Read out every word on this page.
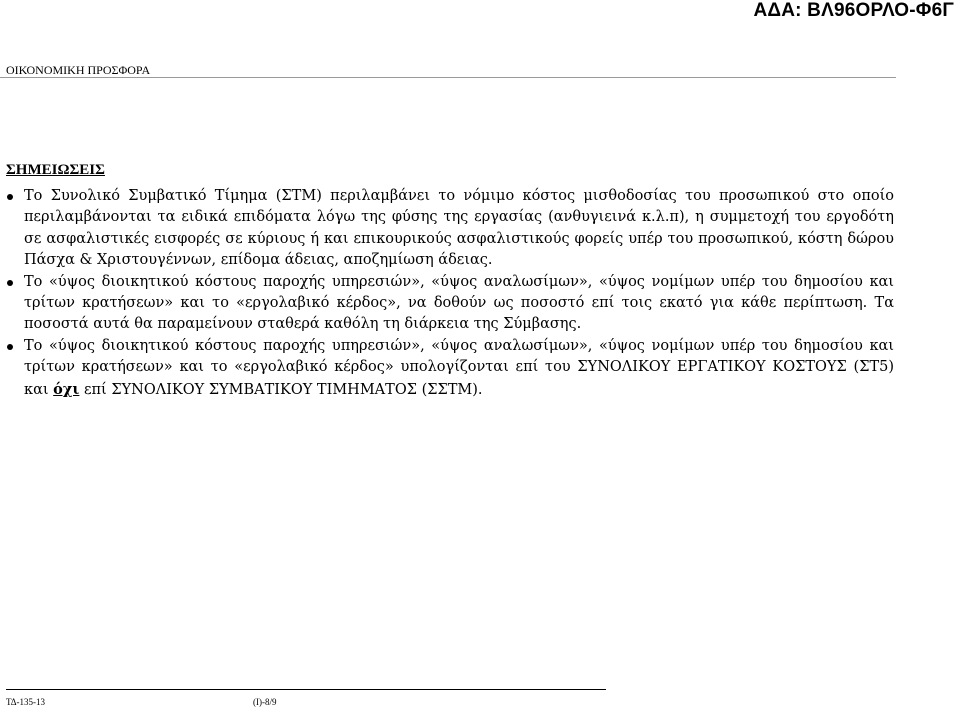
ΑΔΑ: ΒΛ96ΟΡΛΟ-Φ6Γ
ΟΙΚΟΝΟΜΙΚΗ ΠΡΟΣΦΟΡΑ
ΣΗΜΕΙΩΣΕΙΣ
Το Συνολικό Συμβατικό Τίμημα (ΣΤΜ) περιλαμβάνει το νόμιμο κόστος μισθοδοσίας του προσωπικού στο οποίο περιλαμβάνονται τα ειδικά επιδόματα λόγω της φύσης της εργασίας (ανθυγιεινά κ.λ.π), η συμμετοχή του εργοδότη σε ασφαλιστικές εισφορές σε κύριους ή και επικουρικούς ασφαλιστικούς φορείς υπέρ του προσωπικού, κόστη δώρου Πάσχα & Χριστουγέννων, επίδομα άδειας, αποζημίωση άδειας.
Το «ύψος διοικητικού κόστους παροχής υπηρεσιών», «ύψος αναλωσίμων», «ύψος νομίμων υπέρ του δημοσίου και τρίτων κρατήσεων» και το «εργολαβικό κέρδος», να δοθούν ως ποσοστό επί τοις εκατό για κάθε περίπτωση. Τα ποσοστά αυτά θα παραμείνουν σταθερά καθόλη τη διάρκεια της Σύμβασης.
Το «ύψος διοικητικού κόστους παροχής υπηρεσιών», «ύψος αναλωσίμων», «ύψος νομίμων υπέρ του δημοσίου και τρίτων κρατήσεων» και το «εργολαβικό κέρδος» υπολογίζονται επί του ΣΥΝΟΛΙΚΟΥ ΕΡΓΑΤΙΚΟΥ ΚΟΣΤΟΥΣ (ΣΤ5) και όχι επί ΣΥΝΟΛΙΚΟΥ ΣΥΜΒΑΤΙΚΟΥ ΤΙΜΗΜΑΤΟΣ (ΣΣΤΜ).
ΤΔ-135-13	(Ι)-8/9
